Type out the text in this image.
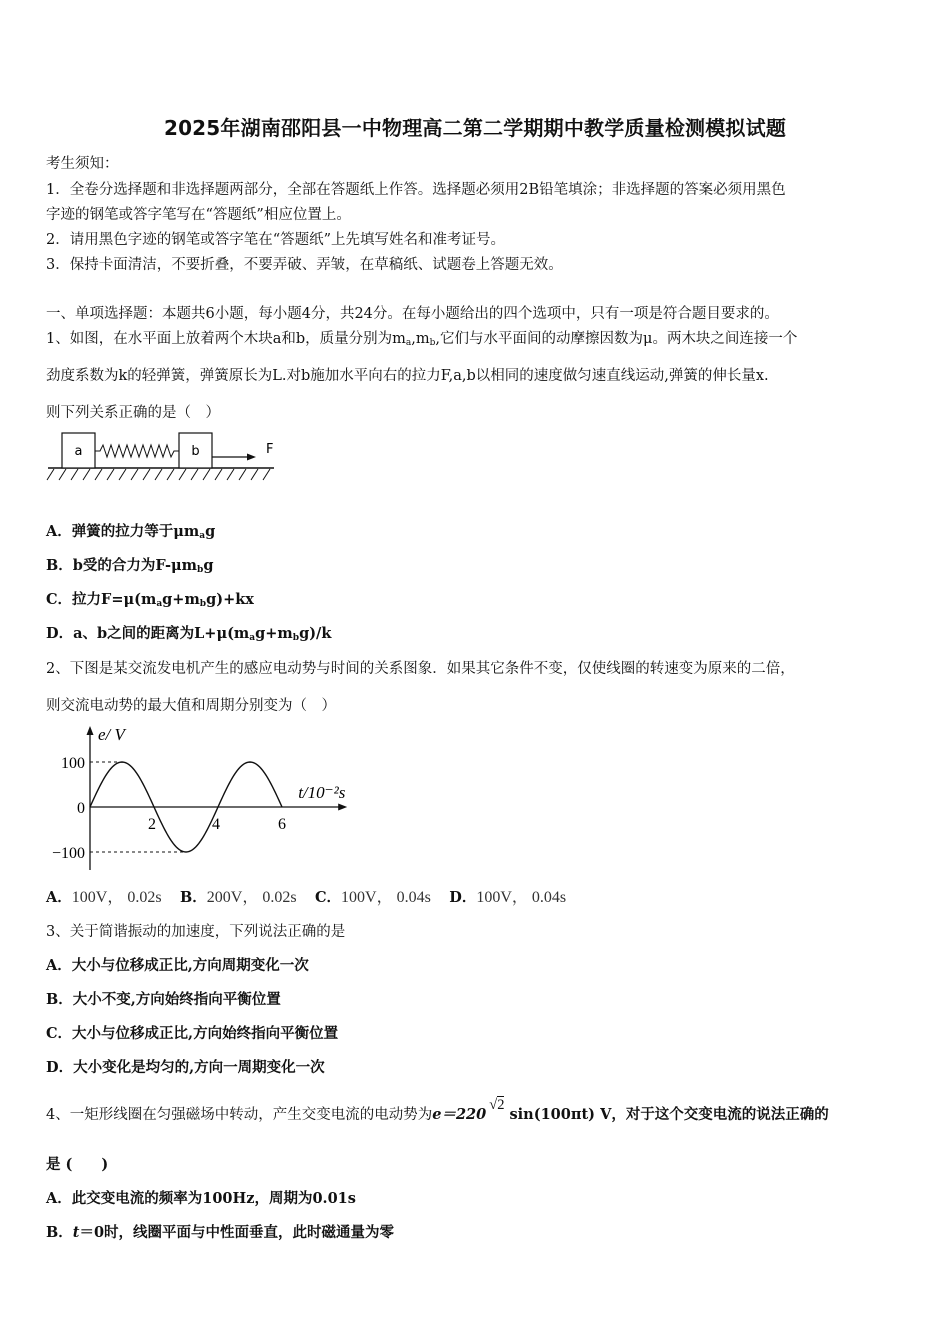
2025年湖南邵阳县一中物理高二第二学期期中教学质量检测模拟试题
考生须知：
1．全卷分选择题和非选择题两部分，全部在答题纸上作答。选择题必须用2B铅笔填涂；非选择题的答案必须用黑色
字迹的钢笔或答字笔写在“答题纸”相应位置上。
2．请用黑色字迹的钢笔或答字笔在“答题纸”上先填写姓名和准考证号。
3．保持卡面清洁，不要折叠，不要弄破、弄皱，在草稿纸、试题卷上答题无效。
一、单项选择题：本题共6小题，每小题4分，共24分。在每小题给出的四个选项中，只有一项是符合题目要求的。
1、如图，在水平面上放着两个木块a和b，质量分别为$m_a,m_b$,它们与水平面间的动摩擦因数为μ。两木块之间连接一个
劲度系数为k的轻弹簧，弹簧原长为L.对b施加水平向右的拉力F,a,b以相同的速度做匀速直线运动,弹簧的伸长量x.
则下列关系正确的是（　）
a	b	F
A．弹簧的拉力等于$\mu m_ag$
B．b受的合力为$F-\mu m_bg$
C．拉力$F=\mu(m_ag+m_bg)+kx$
D．a、b之间的距离为$L+\mu(m_ag+m_bg)/k$
2、下图是某交流发电机产生的感应电动势与时间的关系图象．如果其它条件不变，仅使线圈的转速变为原来的二倍，
则交流电动势的最大值和周期分别变为（　）
e/ V
t/10⁻²s
100
0
−100
2	4	6
A．100V， 0.02s B．200V， 0.02s C．100V， 0.04s D．100V， 0.04s
3、关于简谐振动的加速度，下列说法正确的是
A．大小与位移成正比,方向周期变化一次
B．大小不变,方向始终指向平衡位置
C．大小与位移成正比,方向始终指向平衡位置
D．大小变化是均匀的,方向一周期变化一次
4、一矩形线圈在匀强磁场中转动，产生交变电流的电动势为e＝220√2 sin(100πt) V，对于这个交变电流的说法正确的
是 (　　)
A．此交变电流的频率为100Hz，周期为0.01s
B．t＝0时，线圈平面与中性面垂直，此时磁通量为零
